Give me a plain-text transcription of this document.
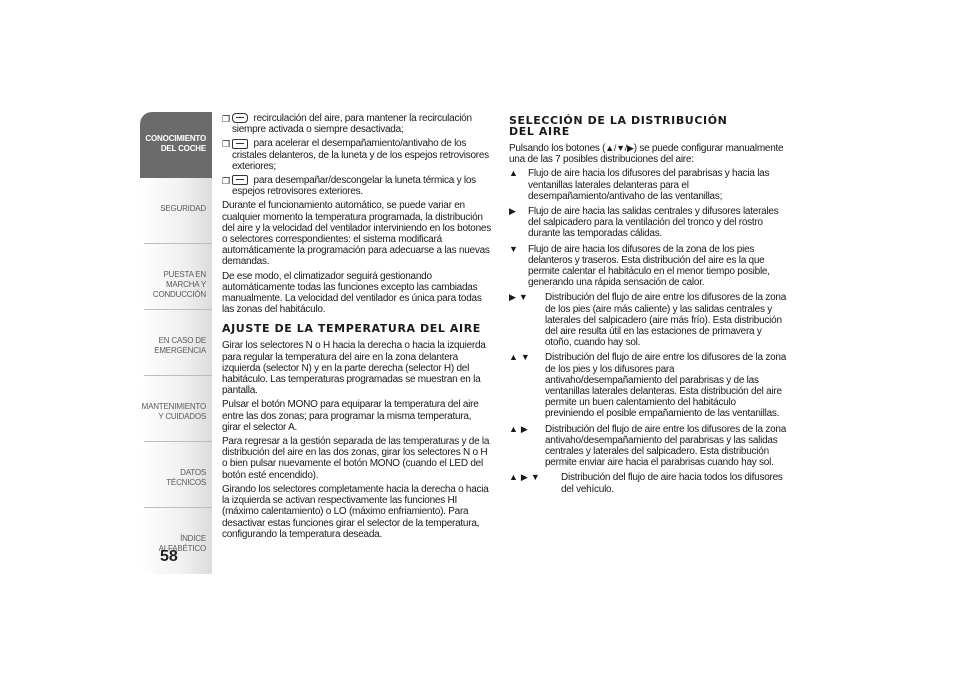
CONOCIMIENTO DEL COCHE
SEGURIDAD
PUESTA EN MARCHA Y CONDUCCIÓN
EN CASO DE EMERGENCIA
MANTENIMIENTO Y CUIDADOS
DATOS TÉCNICOS
ÍNDICE ALFABÉTICO
58
❒ recirculación del aire, para mantener la recirculación siempre activada o siempre desactivada;
❒ para acelerar el desempañamiento/antivaho de los cristales delanteros, de la luneta y de los espejos retrovisores exteriores;
❒ para desempañar/descongelar la luneta térmica y los espejos retrovisores exteriores.

Durante el funcionamiento automático, se puede variar en cualquier momento la temperatura programada, la distribución del aire y la velocidad del ventilador interviniendo en los botones o selectores correspondientes: el sistema modificará automáticamente la programación para adecuarse a las nuevas demandas.

De ese modo, el climatizador seguirá gestionando automáticamente todas las funciones excepto las cambiadas manualmente. La velocidad del ventilador es única para todas las zonas del habitáculo.

AJUSTE DE LA TEMPERATURA DEL AIRE

Girar los selectores N o H hacia la derecha o hacia la izquierda para regular la temperatura del aire en la zona delantera izquierda (selector N) y en la parte derecha (selector H) del habitáculo. Las temperaturas programadas se muestran en la pantalla.

Pulsar el botón MONO para equiparar la temperatura del aire entre las dos zonas; para programar la misma temperatura, girar el selector A.

Para regresar a la gestión separada de las temperaturas y de la distribución del aire en las dos zonas, girar los selectores N o H o bien pulsar nuevamente el botón MONO (cuando el LED del botón esté encendido).

Girando los selectores completamente hacia la derecha o hacia la izquierda se activan respectivamente las funciones HI (máximo calentamiento) o LO (máximo enfriamiento). Para desactivar estas funciones girar el selector de la temperatura, configurando la temperatura deseada.

SELECCIÓN DE LA DISTRIBUCIÓN
DEL AIRE

Pulsando los botones (▲/▼/▶) se puede configurar manualmente una de las 7 posibles distribuciones del aire:

▲ Flujo de aire hacia los difusores del parabrisas y hacia las ventanillas laterales delanteras para el desempañamiento/antivaho de las ventanillas;
▶ Flujo de aire hacia las salidas centrales y difusores laterales del salpicadero para la ventilación del tronco y del rostro durante las temporadas cálidas.
▼ Flujo de aire hacia los difusores de la zona de los pies delanteros y traseros. Esta distribución del aire es la que permite calentar el habitáculo en el menor tiempo posible, generando una rápida sensación de calor.
▶▼	Distribución del flujo de aire entre los difusores de la zona de los pies (aire más caliente) y las salidas centrales y laterales del salpicadero (aire más frío). Esta distribución del aire resulta útil en las estaciones de primavera y otoño, cuando hay sol.
▲▼	Distribución del flujo de aire entre los difusores de la zona de los pies y los difusores para antivaho/desempañamiento del parabrisas y de las ventanillas laterales delanteras. Esta distribución del aire permite un buen calentamiento del habitáculo previniendo el posible empañamiento de las ventanillas.
▲▶	Distribución del flujo de aire entre los difusores de la zona antivaho/desempañamiento del parabrisas y las salidas centrales y laterales del salpicadero. Esta distribución permite enviar aire hacia el parabrisas cuando hay sol.
▲▶▼	Distribución del flujo de aire hacia todos los difusores del vehículo.
